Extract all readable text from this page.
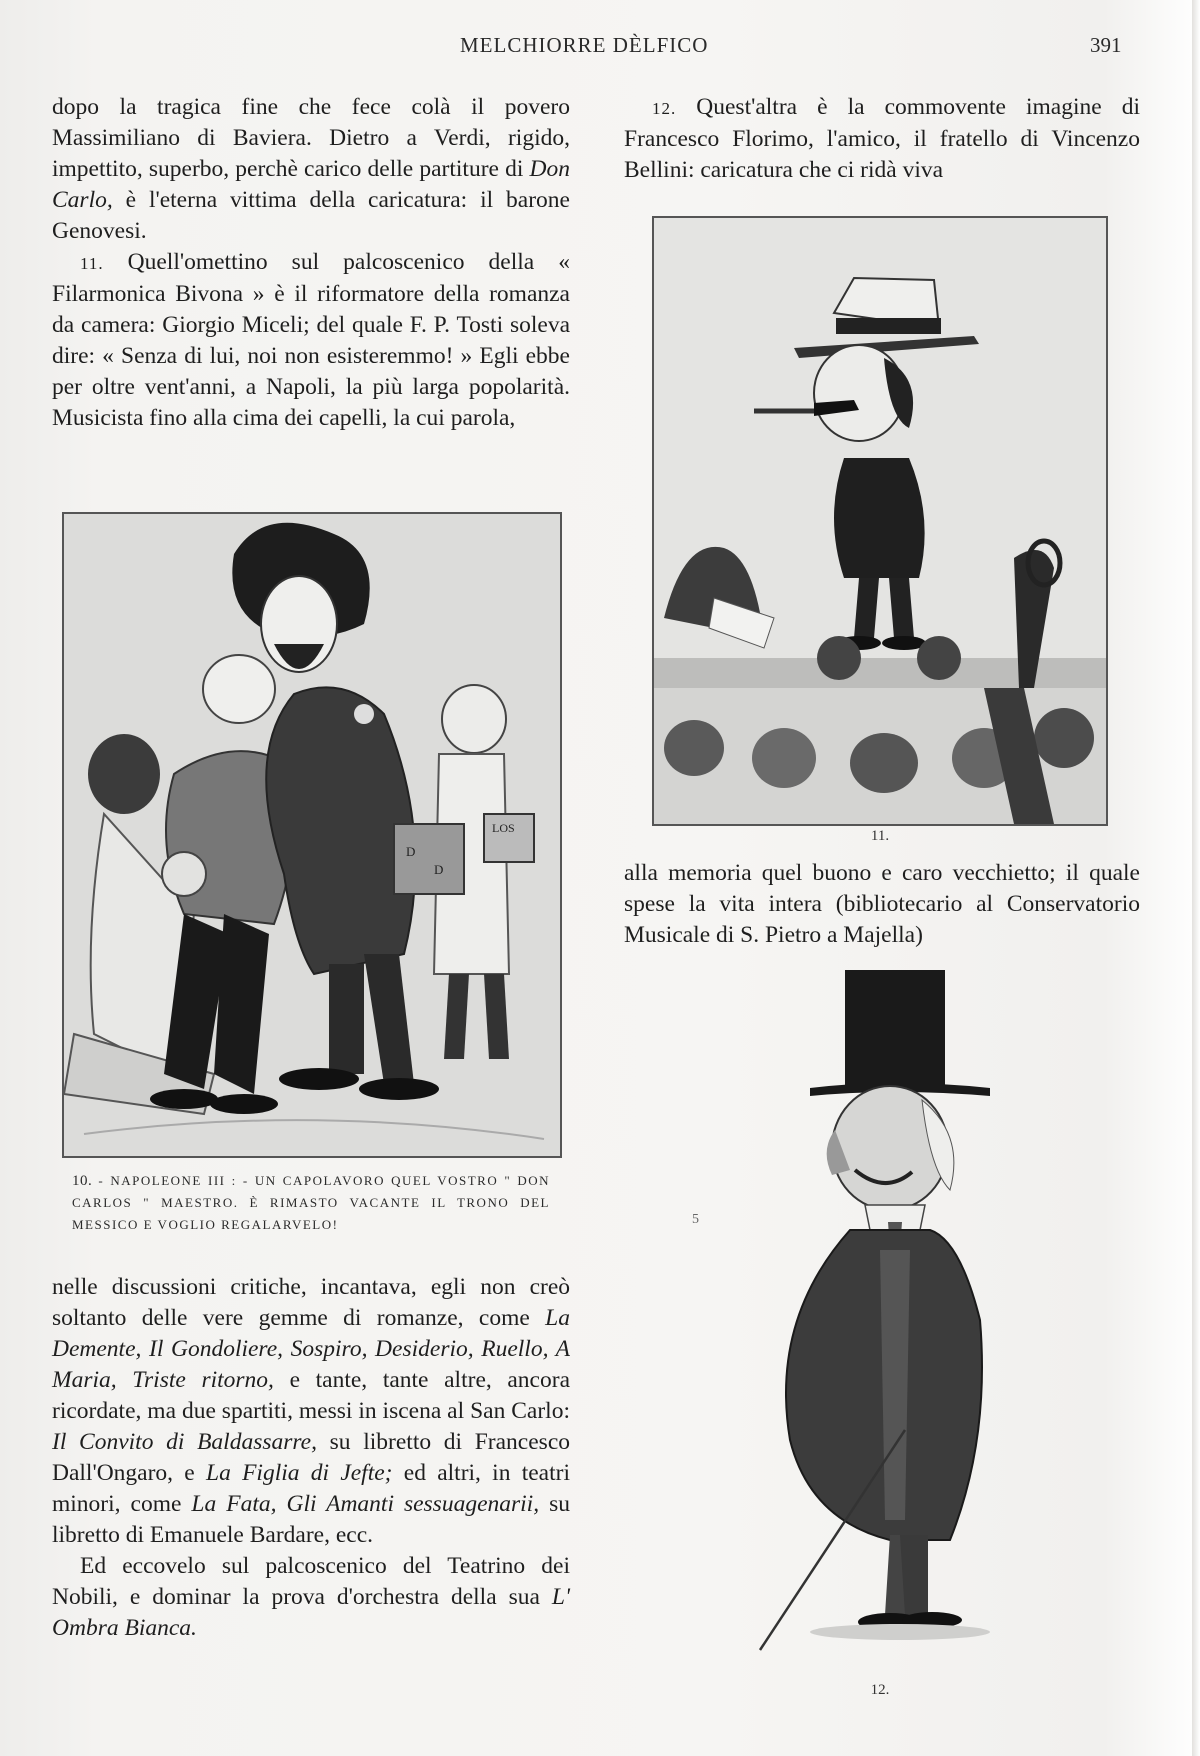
MELCHIORRE DÈLFICO	391

dopo la tragica fine che fece colà il povero Massimiliano di Baviera. Dietro a Verdi, rigido, impettito, superbo, perchè carico delle partiture di Don Carlo, è l'eterna vittima della caricatura: il barone Genovesi.

11. Quell'omettino sul palcoscenico della « Filarmonica Bivona » è il riformatore della romanza da camera: Giorgio Miceli; del quale F. P. Tosti soleva dire: « Senza di lui, noi non esisteremmo! » Egli ebbe per oltre vent'anni, a Napoli, la più larga popolarità. Musicista fino alla cima dei capelli, la cui parola,

D
D
LOS
10. - NAPOLEONE III : - UN CAPOLAVORO QUEL VOSTRO " DON CARLOS " MAESTRO. È RIMASTO VACANTE IL TRONO DEL MESSICO E VOGLIO REGALARVELO!

nelle discussioni critiche, incantava, egli non creò soltanto delle vere gemme di romanze, come La Demente, Il Gondoliere, Sospiro, Desiderio, Ruello, A Maria, Triste ritorno, e tante, tante altre, ancora ricordate, ma due spartiti, messi in iscena al San Carlo: Il Convito di Baldassarre, su libretto di Francesco Dall'Ongaro, e La Figlia di Jefte; ed altri, in teatri minori, come La Fata, Gli Amanti sessuagenarii, su libretto di Emanuele Bardare, ecc.

Ed eccovelo sul palcoscenico del Teatrino dei Nobili, e dominar la prova d'orchestra della sua L' Ombra Bianca.

12. Quest'altra è la commovente imagine di Francesco Florimo, l'amico, il fratello di Vincenzo Bellini: caricatura che ci ridà viva

11.

alla memoria quel buono e caro vecchietto; il quale spese la vita intera (bibliotecario al Conservatorio Musicale di S. Pietro a Majella)

12.
5
